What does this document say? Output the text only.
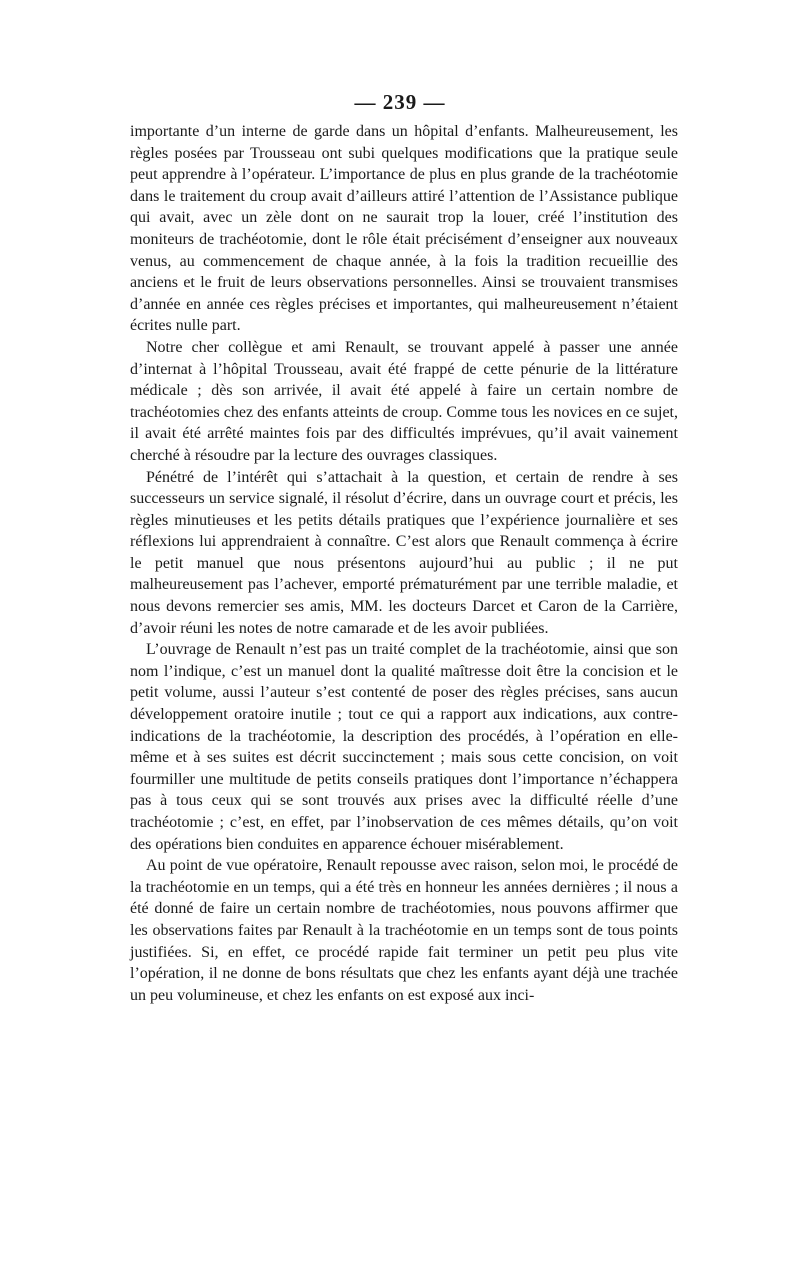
— 239 —

importante d’un interne de garde dans un hôpital d’enfants. Malheureusement, les règles posées par Trousseau ont subi quelques modifications que la pratique seule peut apprendre à l’opérateur. L’importance de plus en plus grande de la trachéotomie dans le traitement du croup avait d’ailleurs attiré l’attention de l’Assistance publique qui avait, avec un zèle dont on ne saurait trop la louer, créé l’institution des moniteurs de trachéotomie, dont le rôle était précisément d’enseigner aux nouveaux venus, au commencement de chaque année, à la fois la tradition recueillie des anciens et le fruit de leurs observations personnelles. Ainsi se trouvaient transmises d’année en année ces règles précises et importantes, qui malheureusement n’étaient écrites nulle part.

Notre cher collègue et ami Renault, se trouvant appelé à passer une année d’internat à l’hôpital Trousseau, avait été frappé de cette pénurie de la littérature médicale ; dès son arrivée, il avait été appelé à faire un certain nombre de trachéotomies chez des enfants atteints de croup. Comme tous les novices en ce sujet, il avait été arrêté maintes fois par des difficultés imprévues, qu’il avait vainement cherché à résoudre par la lecture des ouvrages classiques.

Pénétré de l’intérêt qui s’attachait à la question, et certain de rendre à ses successeurs un service signalé, il résolut d’écrire, dans un ouvrage court et précis, les règles minutieuses et les petits détails pratiques que l’expérience journalière et ses réflexions lui apprendraient à connaître. C’est alors que Renault commença à écrire le petit manuel que nous présentons aujourd’hui au public ; il ne put malheureusement pas l’achever, emporté prématurément par une terrible maladie, et nous devons remercier ses amis, MM. les docteurs Darcet et Caron de la Carrière, d’avoir réuni les notes de notre camarade et de les avoir publiées.

L’ouvrage de Renault n’est pas un traité complet de la trachéotomie, ainsi que son nom l’indique, c’est un manuel dont la qualité maîtresse doit être la concision et le petit volume, aussi l’auteur s’est contenté de poser des règles précises, sans aucun développement oratoire inutile ; tout ce qui a rapport aux indications, aux contre-indications de la trachéotomie, la description des procédés, à l’opération en elle-même et à ses suites est décrit succinctement ; mais sous cette concision, on voit fourmiller une multitude de petits conseils pratiques dont l’importance n’échappera pas à tous ceux qui se sont trouvés aux prises avec la difficulté réelle d’une trachéotomie ; c’est, en effet, par l’inobservation de ces mêmes détails, qu’on voit des opérations bien conduites en apparence échouer misérablement.

Au point de vue opératoire, Renault repousse avec raison, selon moi, le procédé de la trachéotomie en un temps, qui a été très en honneur les années dernières ; il nous a été donné de faire un certain nombre de trachéotomies, nous pouvons affirmer que les observations faites par Renault à la trachéotomie en un temps sont de tous points justifiées. Si, en effet, ce procédé rapide fait terminer un petit peu plus vite l’opération, il ne donne de bons résultats que chez les enfants ayant déjà une trachée un peu volumineuse, et chez les enfants on est exposé aux inci-
